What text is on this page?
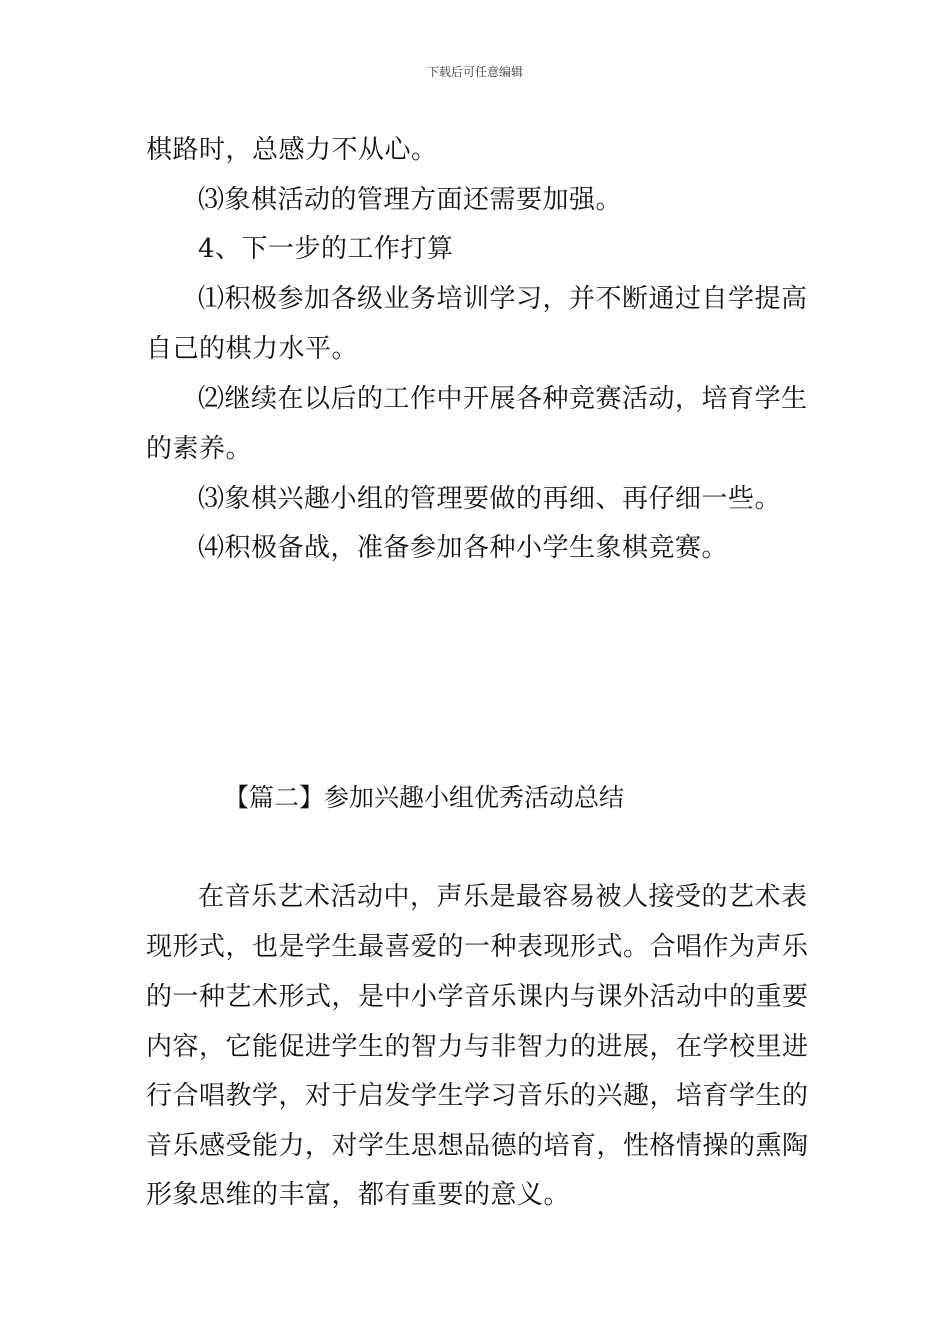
下载后可任意编辑
棋路时，总感力不从心。
⑶象棋活动的管理方面还需要加强。
4、下一步的工作打算
⑴积极参加各级业务培训学习，并不断通过自学提高
自己的棋力水平。
⑵继续在以后的工作中开展各种竞赛活动，培育学生
的素养。
⑶象棋兴趣小组的管理要做的再细、再仔细一些。
⑷积极备战，准备参加各种小学生象棋竞赛。
【篇二】参加兴趣小组优秀活动总结
在音乐艺术活动中，声乐是最容易被人接受的艺术表
现形式，也是学生最喜爱的一种表现形式。合唱作为声乐
的一种艺术形式，是中小学音乐课内与课外活动中的重要
内容，它能促进学生的智力与非智力的进展，在学校里进
行合唱教学，对于启发学生学习音乐的兴趣，培育学生的
音乐感受能力，对学生思想品德的培育，性格情操的熏陶
形象思维的丰富，都有重要的意义。
